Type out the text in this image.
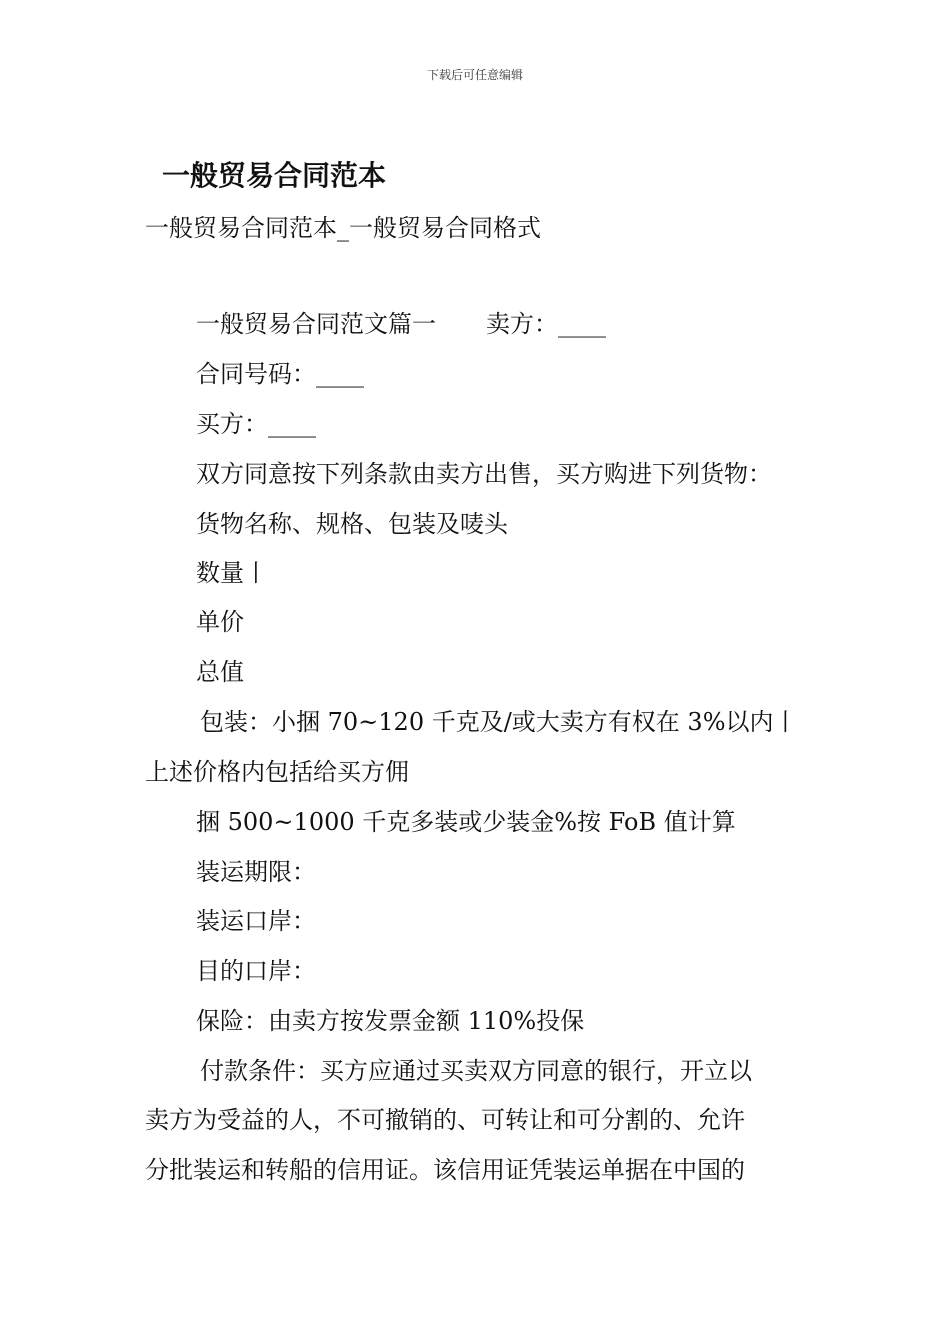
下载后可任意编辑
一般贸易合同范本
一般贸易合同范本_一般贸易合同格式
一般贸易合同范文篇一 卖方：____
合同号码：____
买方：____
双方同意按下列条款由卖方出售，买方购进下列货物：
货物名称、规格、包装及唛头
数量丨
单价
总值
包装：小捆 70~120 千克及/或大卖方有权在 3%以内丨
上述价格内包括给买方佣
捆 500~1000 千克多装或少装金%按 FoB 值计算
装运期限：
装运口岸：
目的口岸：
保险：由卖方按发票金额 110%投保
付款条件：买方应通过买卖双方同意的银行，开立以
卖方为受益的人，不可撤销的、可转让和可分割的、允许
分批装运和转船的信用证。该信用证凭装运单据在中国的
